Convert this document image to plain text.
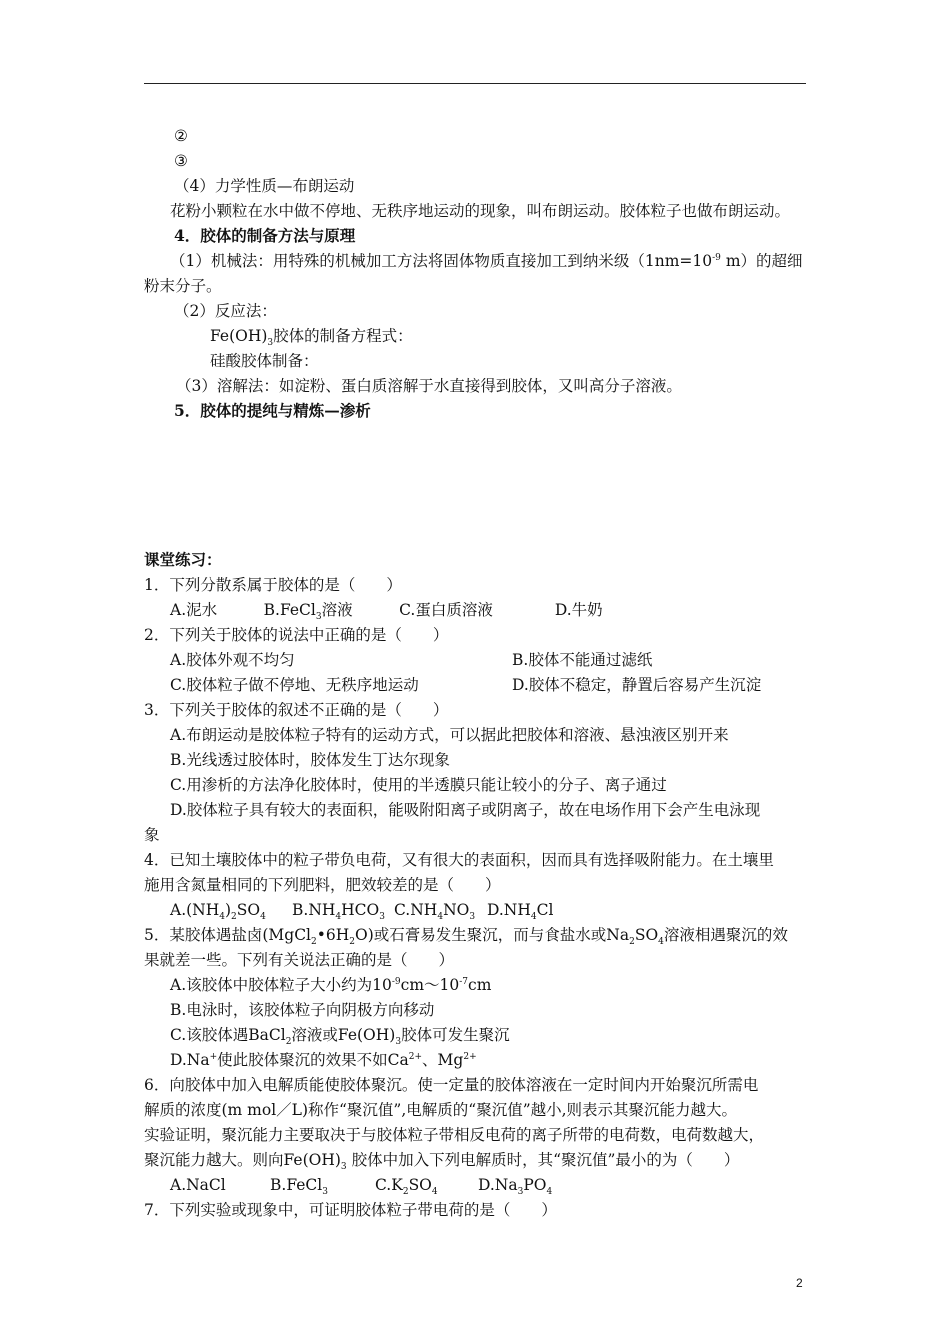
②
③
（4）力学性质—布朗运动
花粉小颗粒在水中做不停地、无秩序地运动的现象，叫布朗运动。胶体粒子也做布朗运动。
4．胶体的制备方法与原理
（1）机械法：用特殊的机械加工方法将固体物质直接加工到纳米级（$1nm=10^{-9}$ m）的超细
粉末分子。
（2）反应法：
$Fe(OH)_3$胶体的制备方程式：
硅酸胶体制备：
（3）溶解法：如淀粉、蛋白质溶解于水直接得到胶体，又叫高分子溶液。
5．胶体的提纯与精炼—渗析
课堂练习：
1．下列分散系属于胶体的是（　　）
A.泥水　　　B.FeCl$_3$溶液　　　C.蛋白质溶液　　　　D.牛奶
2．下列关于胶体的说法中正确的是（　　）
A.胶体外观不均匀	B.胶体不能通过滤纸
C.胶体粒子做不停地、无秩序地运动	D.胶体不稳定，静置后容易产生沉淀
3．下列关于胶体的叙述不正确的是（　　）
A.布朗运动是胶体粒子特有的运动方式，可以据此把胶体和溶液、悬浊液区别开来
B.光线透过胶体时，胶体发生丁达尔现象
C.用渗析的方法净化胶体时，使用的半透膜只能让较小的分子、离子通过
D.胶体粒子具有较大的表面积，能吸附阳离子或阴离子，故在电场作用下会产生电泳现
象
4．已知土壤胶体中的粒子带负电荷，又有很大的表面积，因而具有选择吸附能力。在土壤里
施用含氮量相同的下列肥料，肥效较差的是（　　）
$A.(NH_4)_2SO_4$ $B.NH_4HCO_3$ $C.NH_4NO_3$ $D.NH_4Cl$
5．某胶体遇盐卤$(MgCl_2•6H_2O)$或石膏易发生聚沉，而与食盐水或$Na_2SO_4$溶液相遇聚沉的效
果就差一些。下列有关说法正确的是（　　）
A.该胶体中胶体粒子大小约为$10^{-9}cm\sim 10^{-7}cm$
B.电泳时，该胶体粒子向阴极方向移动
C.该胶体遇BaCl$_2$溶液或$Fe(OH)_3$胶体可发生聚沉
D.Na+使此胶体聚沉的效果不如$Ca^{2+}$、$Mg^{2+}$
6．向胶体中加入电解质能使胶体聚沉。使一定量的胶体溶液在一定时间内开始聚沉所需电
解质的浓度(m mol／L)称作“聚沉值”,电解质的“聚沉值”越小,则表示其聚沉能力越大。
实验证明，聚沉能力主要取决于与胶体粒子带相反电荷的离子所带的电荷数，电荷数越大，
聚沉能力越大。则向$Fe(OH)_3$ 胶体中加入下列电解质时，其“聚沉值”最小的为（　　）
A.NaCl	B.FeCl$_3$	$C.K_2SO_4$	$D.Na_3PO_4$
7．下列实验或现象中，可证明胶体粒子带电荷的是（　　）
2
